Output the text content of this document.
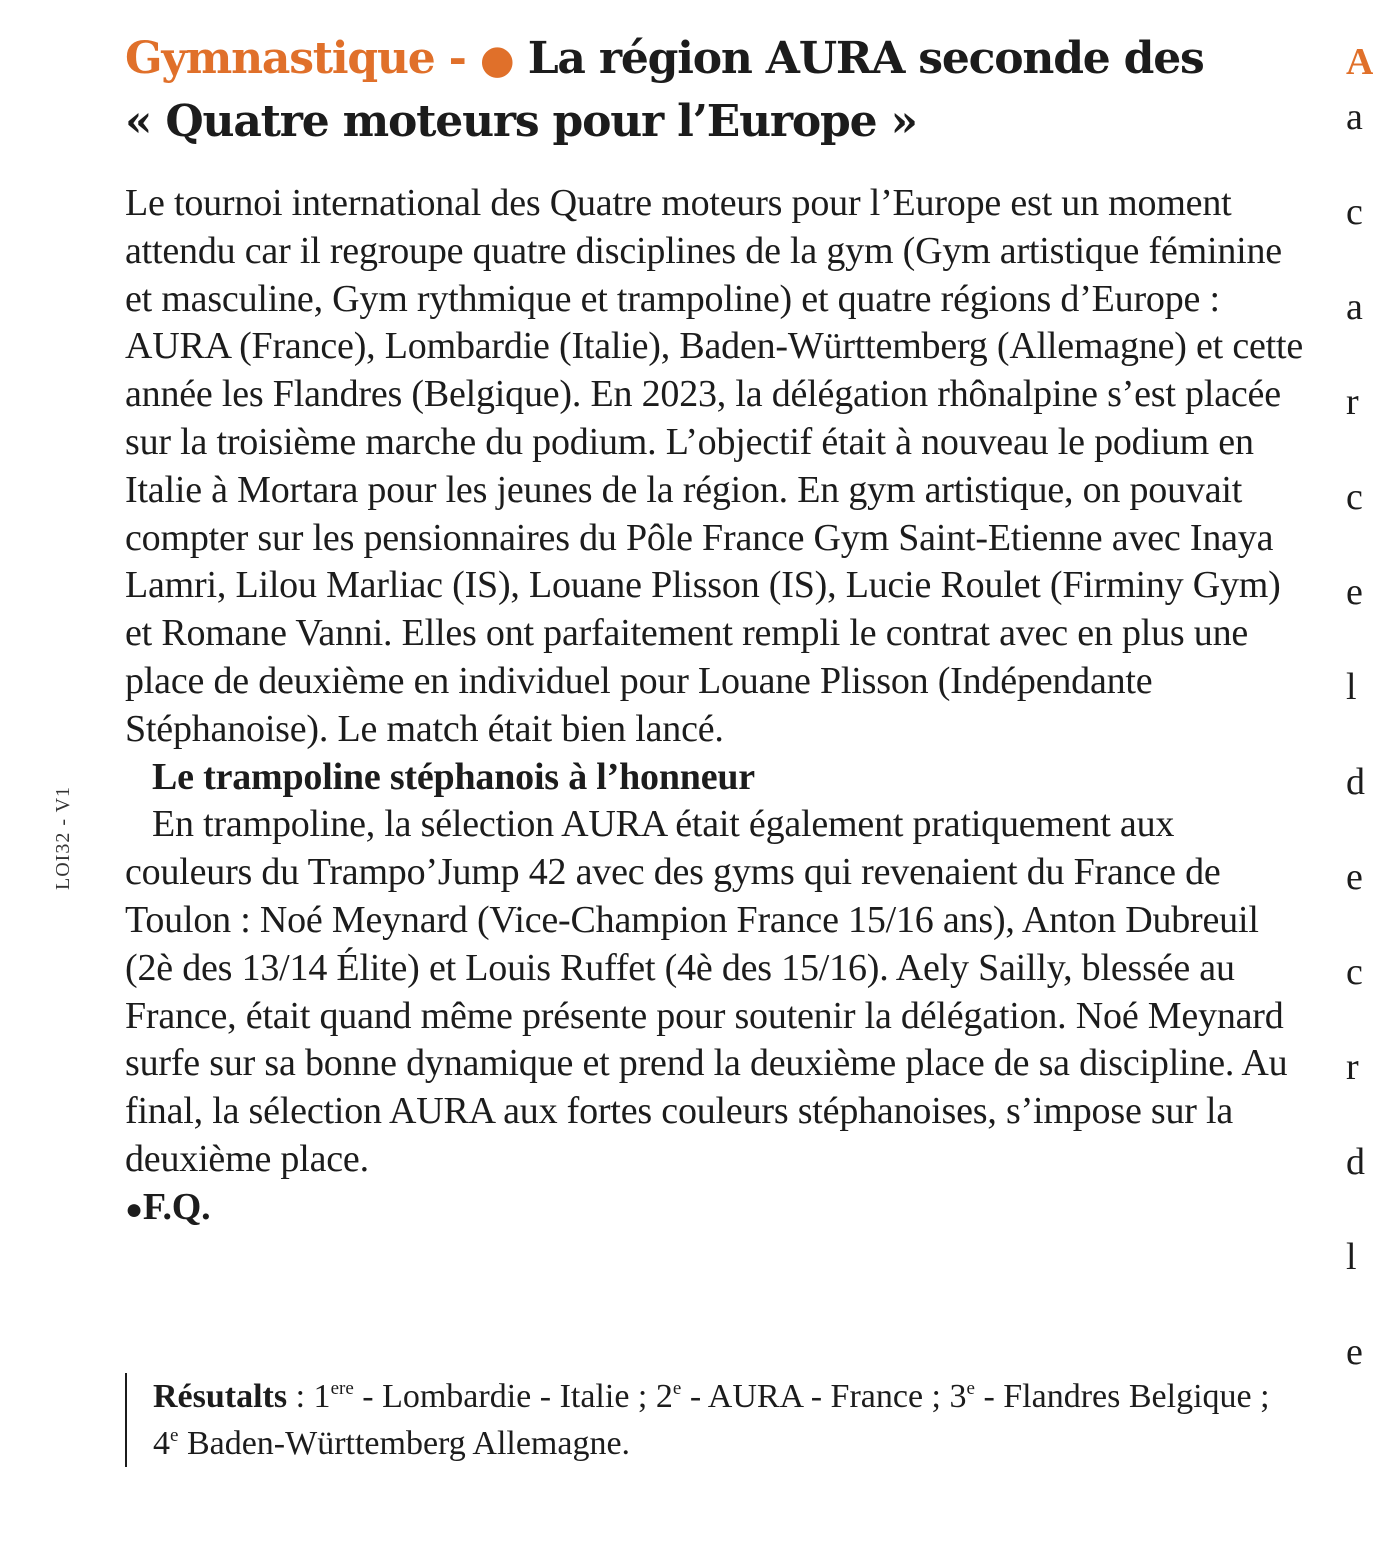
Gymnastique - ● La région AURA seconde des « Quatre moteurs pour l’Europe »

Le tournoi international des Quatre moteurs pour l’Europe est un moment attendu car il regroupe quatre disciplines de la gym (Gym artistique féminine et masculine, Gym rythmique et trampoline) et quatre régions d’Europe : AURA (France), Lombardie (Italie), Baden-Württemberg (Allemagne) et cette année les Flandres (Belgique). En 2023, la délégation rhônalpine s’est placée sur la troisième marche du podium. L’objectif était à nouveau le podium en Italie à Mortara pour les jeunes de la région. En gym artistique, on pouvait compter sur les pensionnaires du Pôle France Gym Saint-Etienne avec Inaya Lamri, Lilou Marliac (IS), Louane Plisson (IS), Lucie Roulet (Firminy Gym) et Romane Vanni. Elles ont parfaitement rempli le contrat avec en plus une place de deuxième en individuel pour Louane Plisson (Indépendante Stéphanoise). Le match était bien lancé.

Le trampoline stéphanois à l’honneur

En trampoline, la sélection AURA était également pratiquement aux couleurs du Trampo’Jump 42 avec des gyms qui revenaient du France de Toulon : Noé Meynard (Vice-Champion France 15/16 ans), Anton Dubreuil (2è des 13/14 Élite) et Louis Ruffet (4è des 15/16). Aely Sailly, blessée au France, était quand même présente pour soutenir la délégation. Noé Meynard surfe sur sa bonne dynamique et prend la deuxième place de sa discipline. Au final, la sélection AURA aux fortes couleurs stéphanoises, s’impose sur la deuxième place.

●F.Q.

Résutalts : 1ere - Lombardie - Italie ; 2e - AURA - France ; 3e - Flandres Belgique ; 4e Baden-Württemberg Allemagne.
LOI32 - V1
A
a
c
a
r
c
e
l
d
e
c
r
d
l
e
